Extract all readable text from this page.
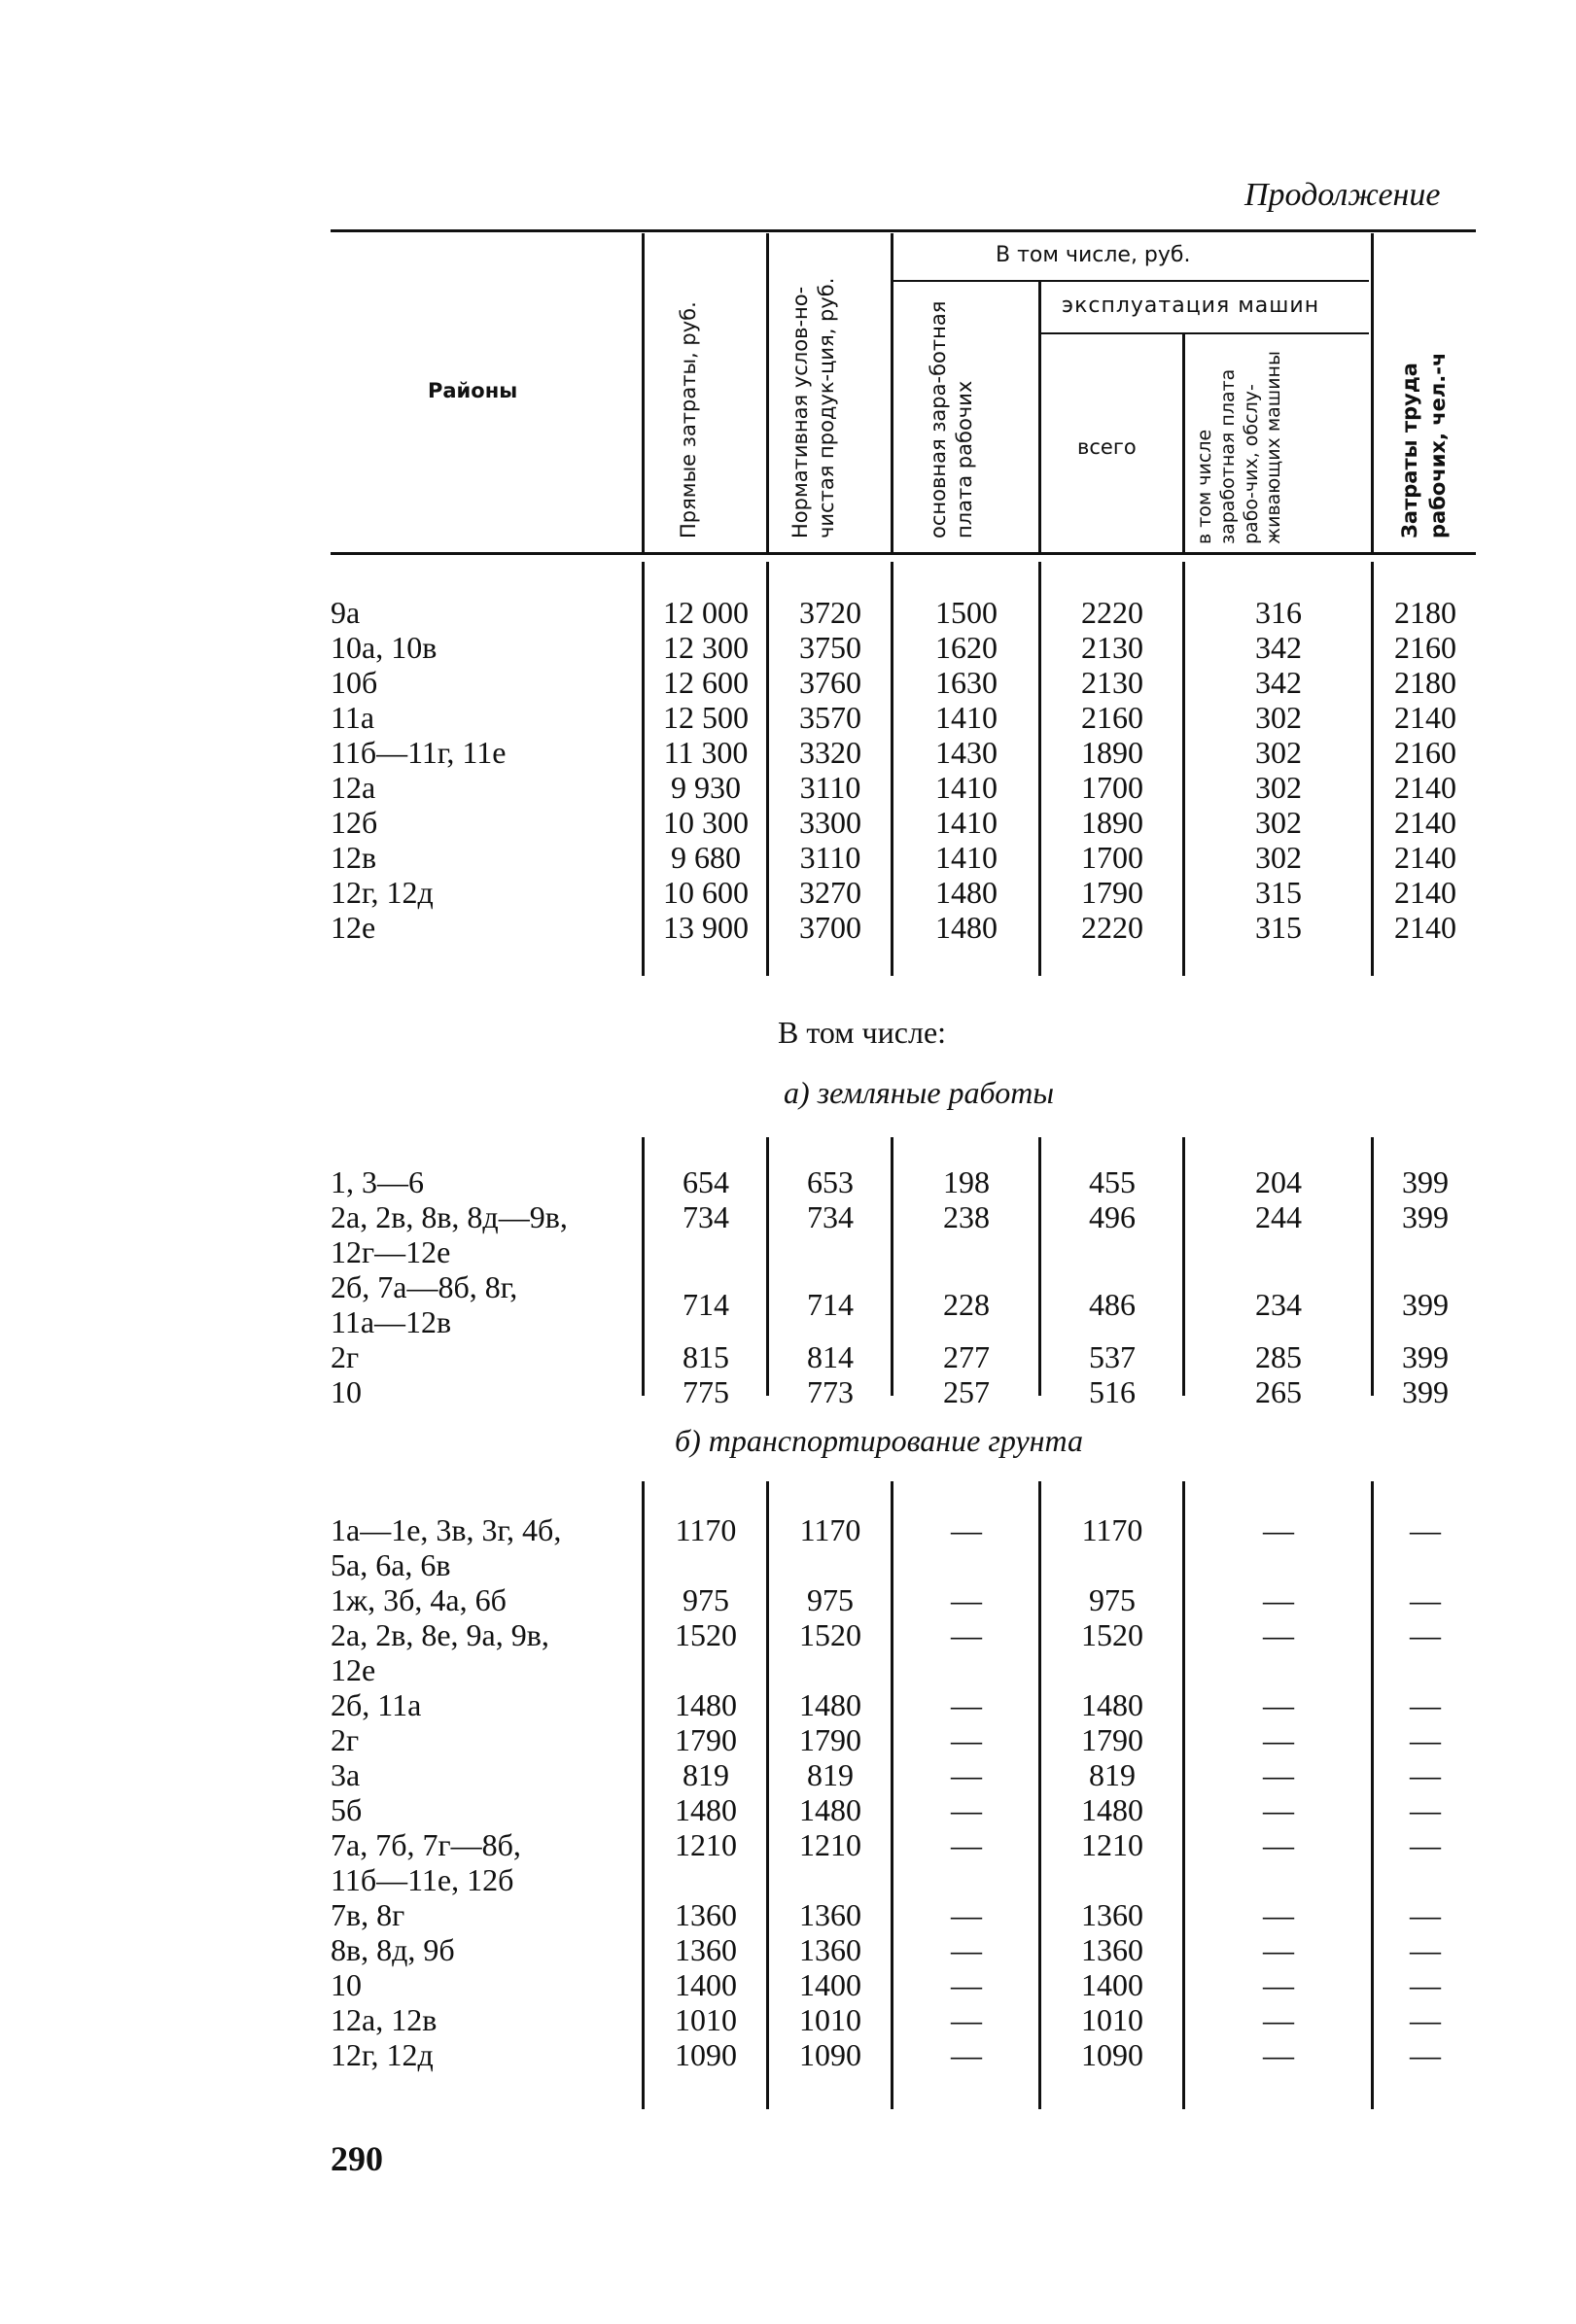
Продолжение
Районы
В том числе, руб.
эксплуатация машин
всего
Прямые затраты, руб.	Нормативная услов-но-чистая продук-ция, руб.	основная зара-ботная плата рабочих	в том числе заработная плата рабо-чих, обслу-живающих машины	Затраты труда рабочих, чел.-ч
9а	12 000	3720	1500	2220	316	2180
10а, 10в	12 300	3750	1620	2130	342	2160
10б	12 600	3760	1630	2130	342	2180
11а	12 500	3570	1410	2160	302	2140
11б—11г, 11е	11 300	3320	1430	1890	302	2160
12а	9 930	3110	1410	1700	302	2140
12б	10 300	3300	1410	1890	302	2140
12в	9 680	3110	1410	1700	302	2140
12г, 12д	10 600	3270	1480	1790	315	2140
12е	13 900	3700	1480	2220	315	2140
В том числе:
а) земляные работы
1, 3—6	654	653	198	455	204	399
2а, 2в, 8в, 8д—9в,
12г—12е
734	734	238	496	244	399
2б, 7а—8б, 8г,
11а—12в	714	714	228	486	234	399
2г	815	814	277	537	285	399
10	775	773	257	516	265	399
б) транспортирование грунта
1а—1е, 3в, 3г, 4б,
5а, 6а, 6в
1170	1170	—	1170	—	—
1ж, 3б, 4а, 6б	975	975	—	975	—	—
2а, 2в, 8е, 9а, 9в,
12е
1520	1520	—	1520	—	—
2б, 11а	1480	1480	—	1480	—	—
2г	1790	1790	—	1790	—	—
3а	819	819	—	819	—	—
5б	1480	1480	—	1480	—	—
7а, 7б, 7г—8б,
11б—11е, 12б
1210	1210	—	1210	—	—
7в, 8г	1360	1360	—	1360	—	—
8в, 8д, 9б	1360	1360	—	1360	—	—
10	1400	1400	—	1400	—	—
12а, 12в	1010	1010	—	1010	—	—
12г, 12д	1090	1090	—	1090	—	—
290
